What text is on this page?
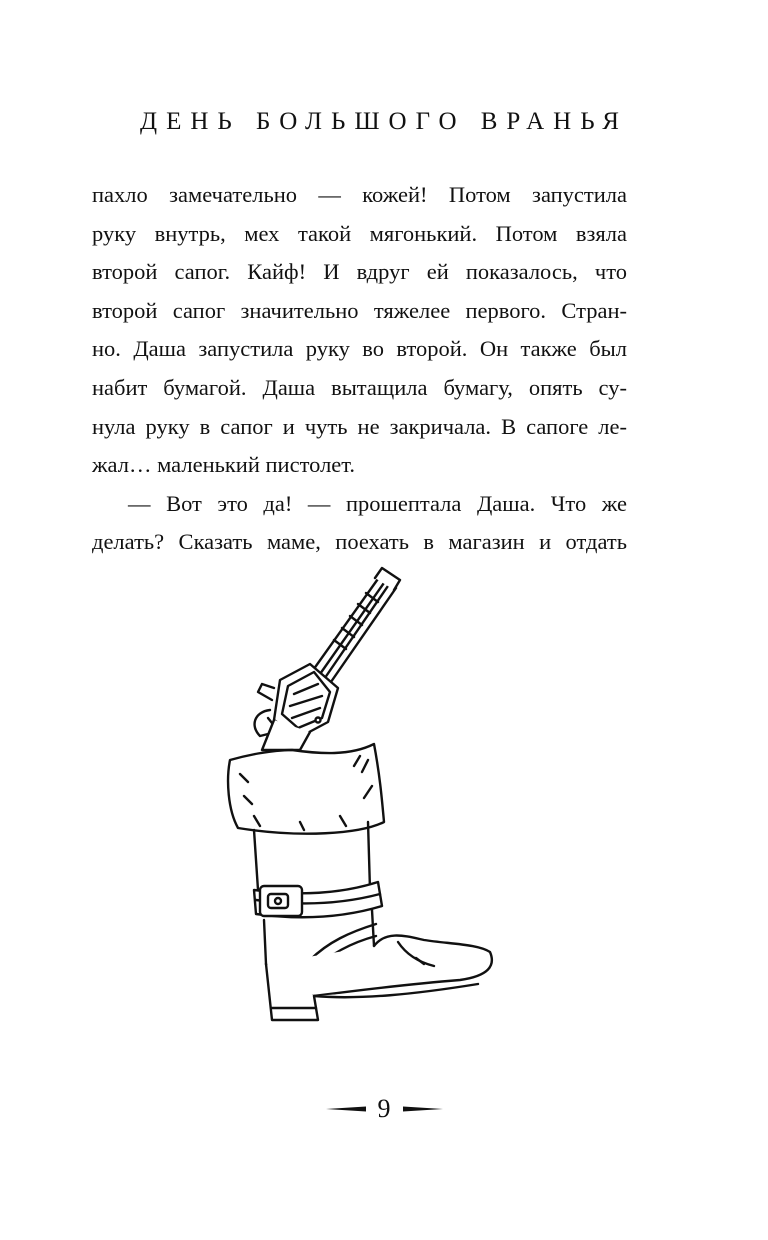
ДЕНЬ БОЛЬШОГО ВРАНЬЯ
пахло замечательно — кожей! Потом запустила
руку внутрь, мех такой мягонький. Потом взяла
второй сапог. Кайф! И вдруг ей показалось, что
второй сапог значительно тяжелее первого. Стран-
но. Даша запустила руку во второй. Он также был
набит бумагой. Даша вытащила бумагу, опять су-
нула руку в сапог и чуть не закричала. В сапоге ле-
жал… маленький пистолет.
— Вот это да! — прошептала Даша. Что же
делать? Сказать маме, поехать в магазин и отдать
9
